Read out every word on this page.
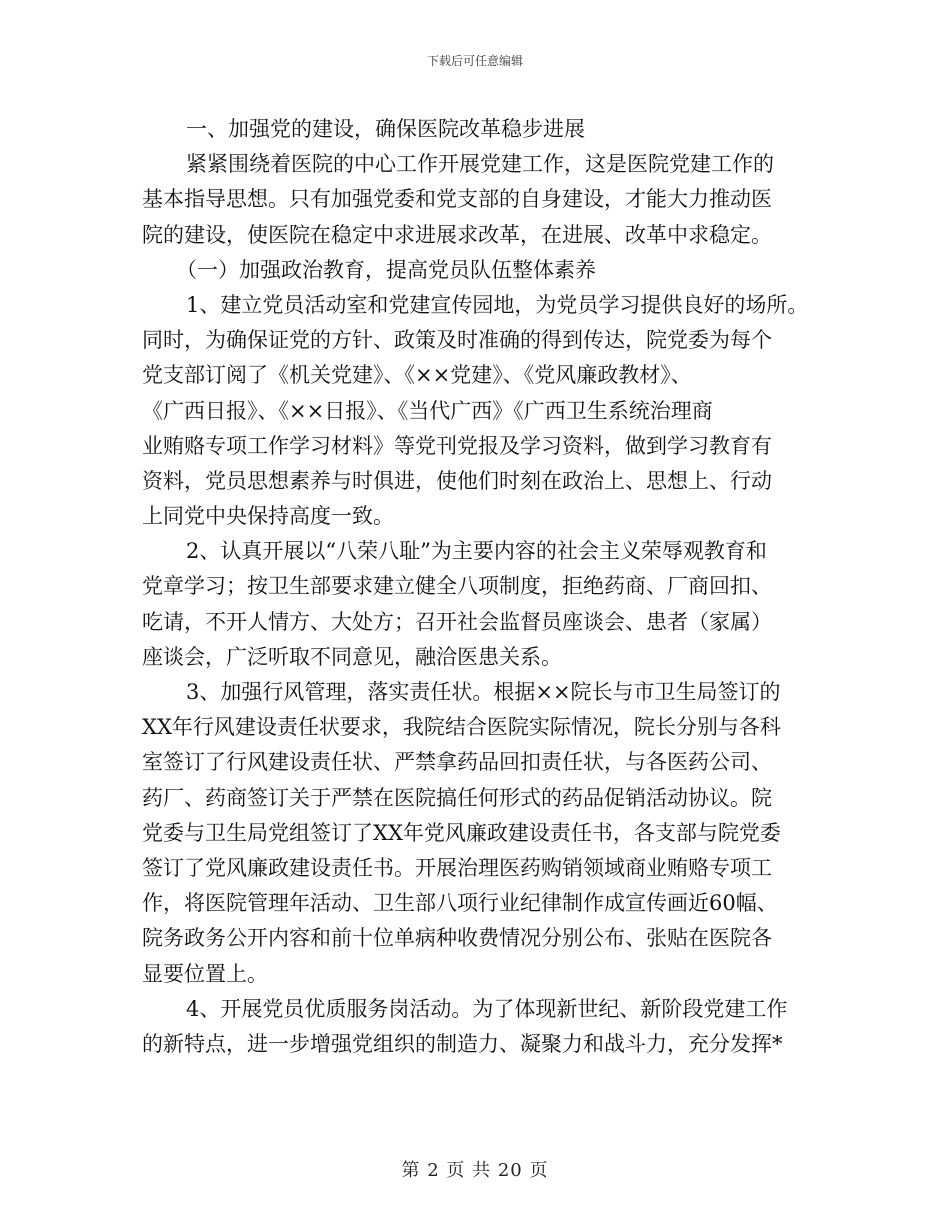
下载后可任意编辑
一、加强党的建设，确保医院改革稳步进展
紧紧围绕着医院的中心工作开展党建工作，这是医院党建工作的
基本指导思想。只有加强党委和党支部的自身建设，才能大力推动医
院的建设，使医院在稳定中求进展求改革，在进展、改革中求稳定。
（一）加强政治教育，提高党员队伍整体素养
1、建立党员活动室和党建宣传园地，为党员学习提供良好的场所。
同时，为确保证党的方针、政策及时准确的得到传达，院党委为每个
党支部订阅了《机关党建》、《××党建》、《党风廉政教材》、
《广西日报》、《××日报》、《当代广西》《广西卫生系统治理商
业贿赂专项工作学习材料》等党刊党报及学习资料，做到学习教育有
资料，党员思想素养与时俱进，使他们时刻在政治上、思想上、行动
上同党中央保持高度一致。
2、认真开展以“八荣八耻”为主要内容的社会主义荣辱观教育和
党章学习；按卫生部要求建立健全八项制度，拒绝药商、厂商回扣、
吃请，不开人情方、大处方；召开社会监督员座谈会、患者（家属）
座谈会，广泛听取不同意见，融洽医患关系。
3、加强行风管理，落实责任状。根据××院长与市卫生局签订的
XX年行风建设责任状要求，我院结合医院实际情况，院长分别与各科
室签订了行风建设责任状、严禁拿药品回扣责任状，与各医药公司、
药厂、药商签订关于严禁在医院搞任何形式的药品促销活动协议。院
党委与卫生局党组签订了XX年党风廉政建设责任书，各支部与院党委
签订了党风廉政建设责任书。开展治理医药购销领域商业贿赂专项工
作，将医院管理年活动、卫生部八项行业纪律制作成宣传画近60幅、
院务政务公开内容和前十位单病种收费情况分别公布、张贴在医院各
显要位置上。
4、开展党员优质服务岗活动。为了体现新世纪、新阶段党建工作
的新特点，进一步增强党组织的制造力、凝聚力和战斗力，充分发挥*
第 2 页 共 20 页
